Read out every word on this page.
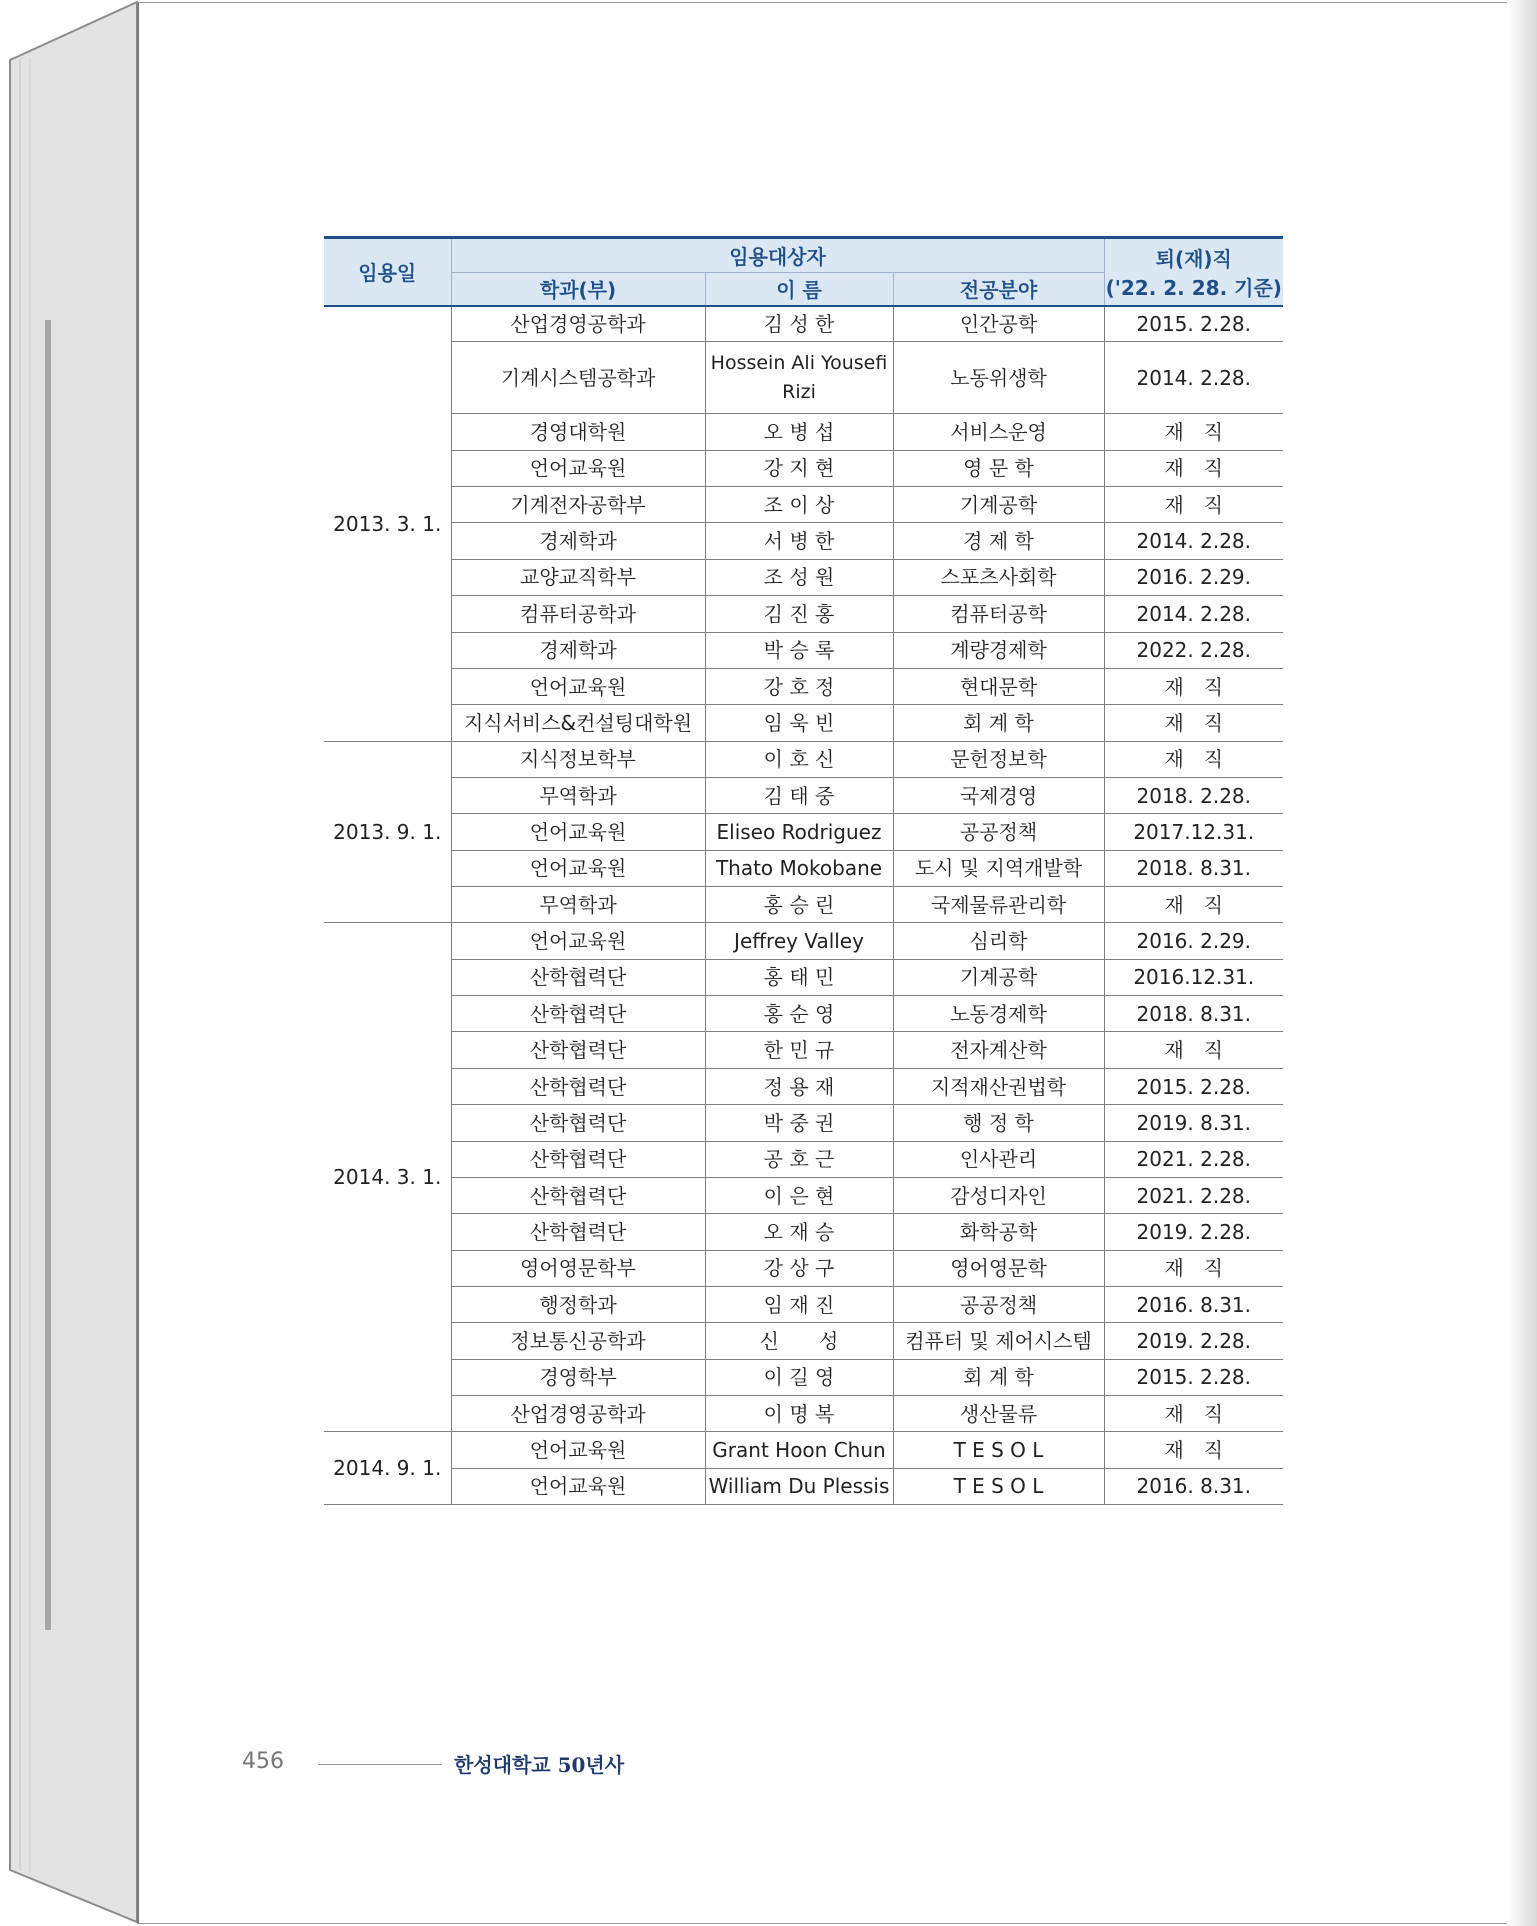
임용일	임용대상자			퇴(재)직
('22. 2. 28. 기준)

	학과(부)	이 름	전공분야	
2013. 3. 1.	산업경영공학과	김 성 한	인간공학	2015. 2.28.
	기계시스템공학과	Hossein Ali Yousefi Rizi	노동위생학	2014. 2.28.
	경영대학원	오 병 섭	서비스운영	재　직
	언어교육원	강 지 현	영 문 학	재　직
	기계전자공학부	조 이 상	기계공학	재　직
	경제학과	서 병 한	경 제 학	2014. 2.28.
	교양교직학부	조 성 원	스포츠사회학	2016. 2.29.
	컴퓨터공학과	김 진 홍	컴퓨터공학	2014. 2.28.
	경제학과	박 승 록	계량경제학	2022. 2.28.
	언어교육원	강 호 정	현대문학	재　직
	지식서비스&컨설팅대학원	임 욱 빈	회 계 학	재　직
2013. 9. 1.	지식정보학부	이 호 신	문헌정보학	재　직
	무역학과	김 태 중	국제경영	2018. 2.28.
	언어교육원	Eliseo Rodriguez	공공정책	2017.12.31.
	언어교육원	Thato Mokobane	도시 및 지역개발학	2018. 8.31.
	무역학과	홍 승 린	국제물류관리학	재　직
2014. 3. 1.	언어교육원	Jeffrey Valley	심리학	2016. 2.29.
	산학협력단	홍 태 민	기계공학	2016.12.31.
	산학협력단	홍 순 영	노동경제학	2018. 8.31.
	산학협력단	한 민 규	전자계산학	재　직
	산학협력단	정 용 재	지적재산권법학	2015. 2.28.
	산학협력단	박 중 권	행 정 학	2019. 8.31.
	산학협력단	공 호 근	인사관리	2021. 2.28.
	산학협력단	이 은 현	감성디자인	2021. 2.28.
	산학협력단	오 재 승	화학공학	2019. 2.28.
	영어영문학부	강 상 구	영어영문학	재　직
	행정학과	임 재 진	공공정책	2016. 8.31.
	정보통신공학과	신　　성	컴퓨터 및 제어시스템	2019. 2.28.
	경영학부	이 길 영	회 계 학	2015. 2.28.
	산업경영공학과	이 명 복	생산물류	재　직
2014. 9. 1.	언어교육원	Grant Hoon Chun	T E S O L	재　직
	언어교육원	William Du Plessis	T E S O L	2016. 8.31.
456	한성대학교 50년사
